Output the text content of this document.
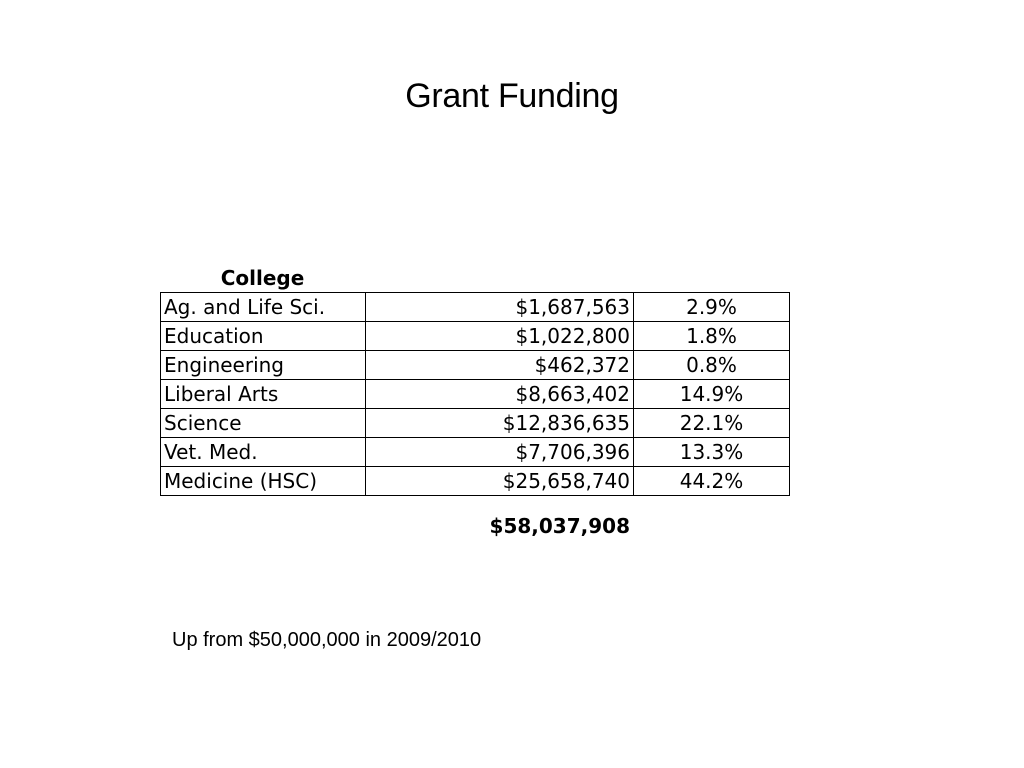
Grant Funding
College
Ag. and Life Sci.	$1,687,563	2.9%
Education	$1,022,800	1.8%
Engineering	$462,372	0.8%
Liberal Arts	$8,663,402	14.9%
Science	$12,836,635	22.1%
Vet. Med.	$7,706,396	13.3%
Medicine (HSC)	$25,658,740	44.2%
$58,037,908
Up from $50,000,000 in 2009/2010
